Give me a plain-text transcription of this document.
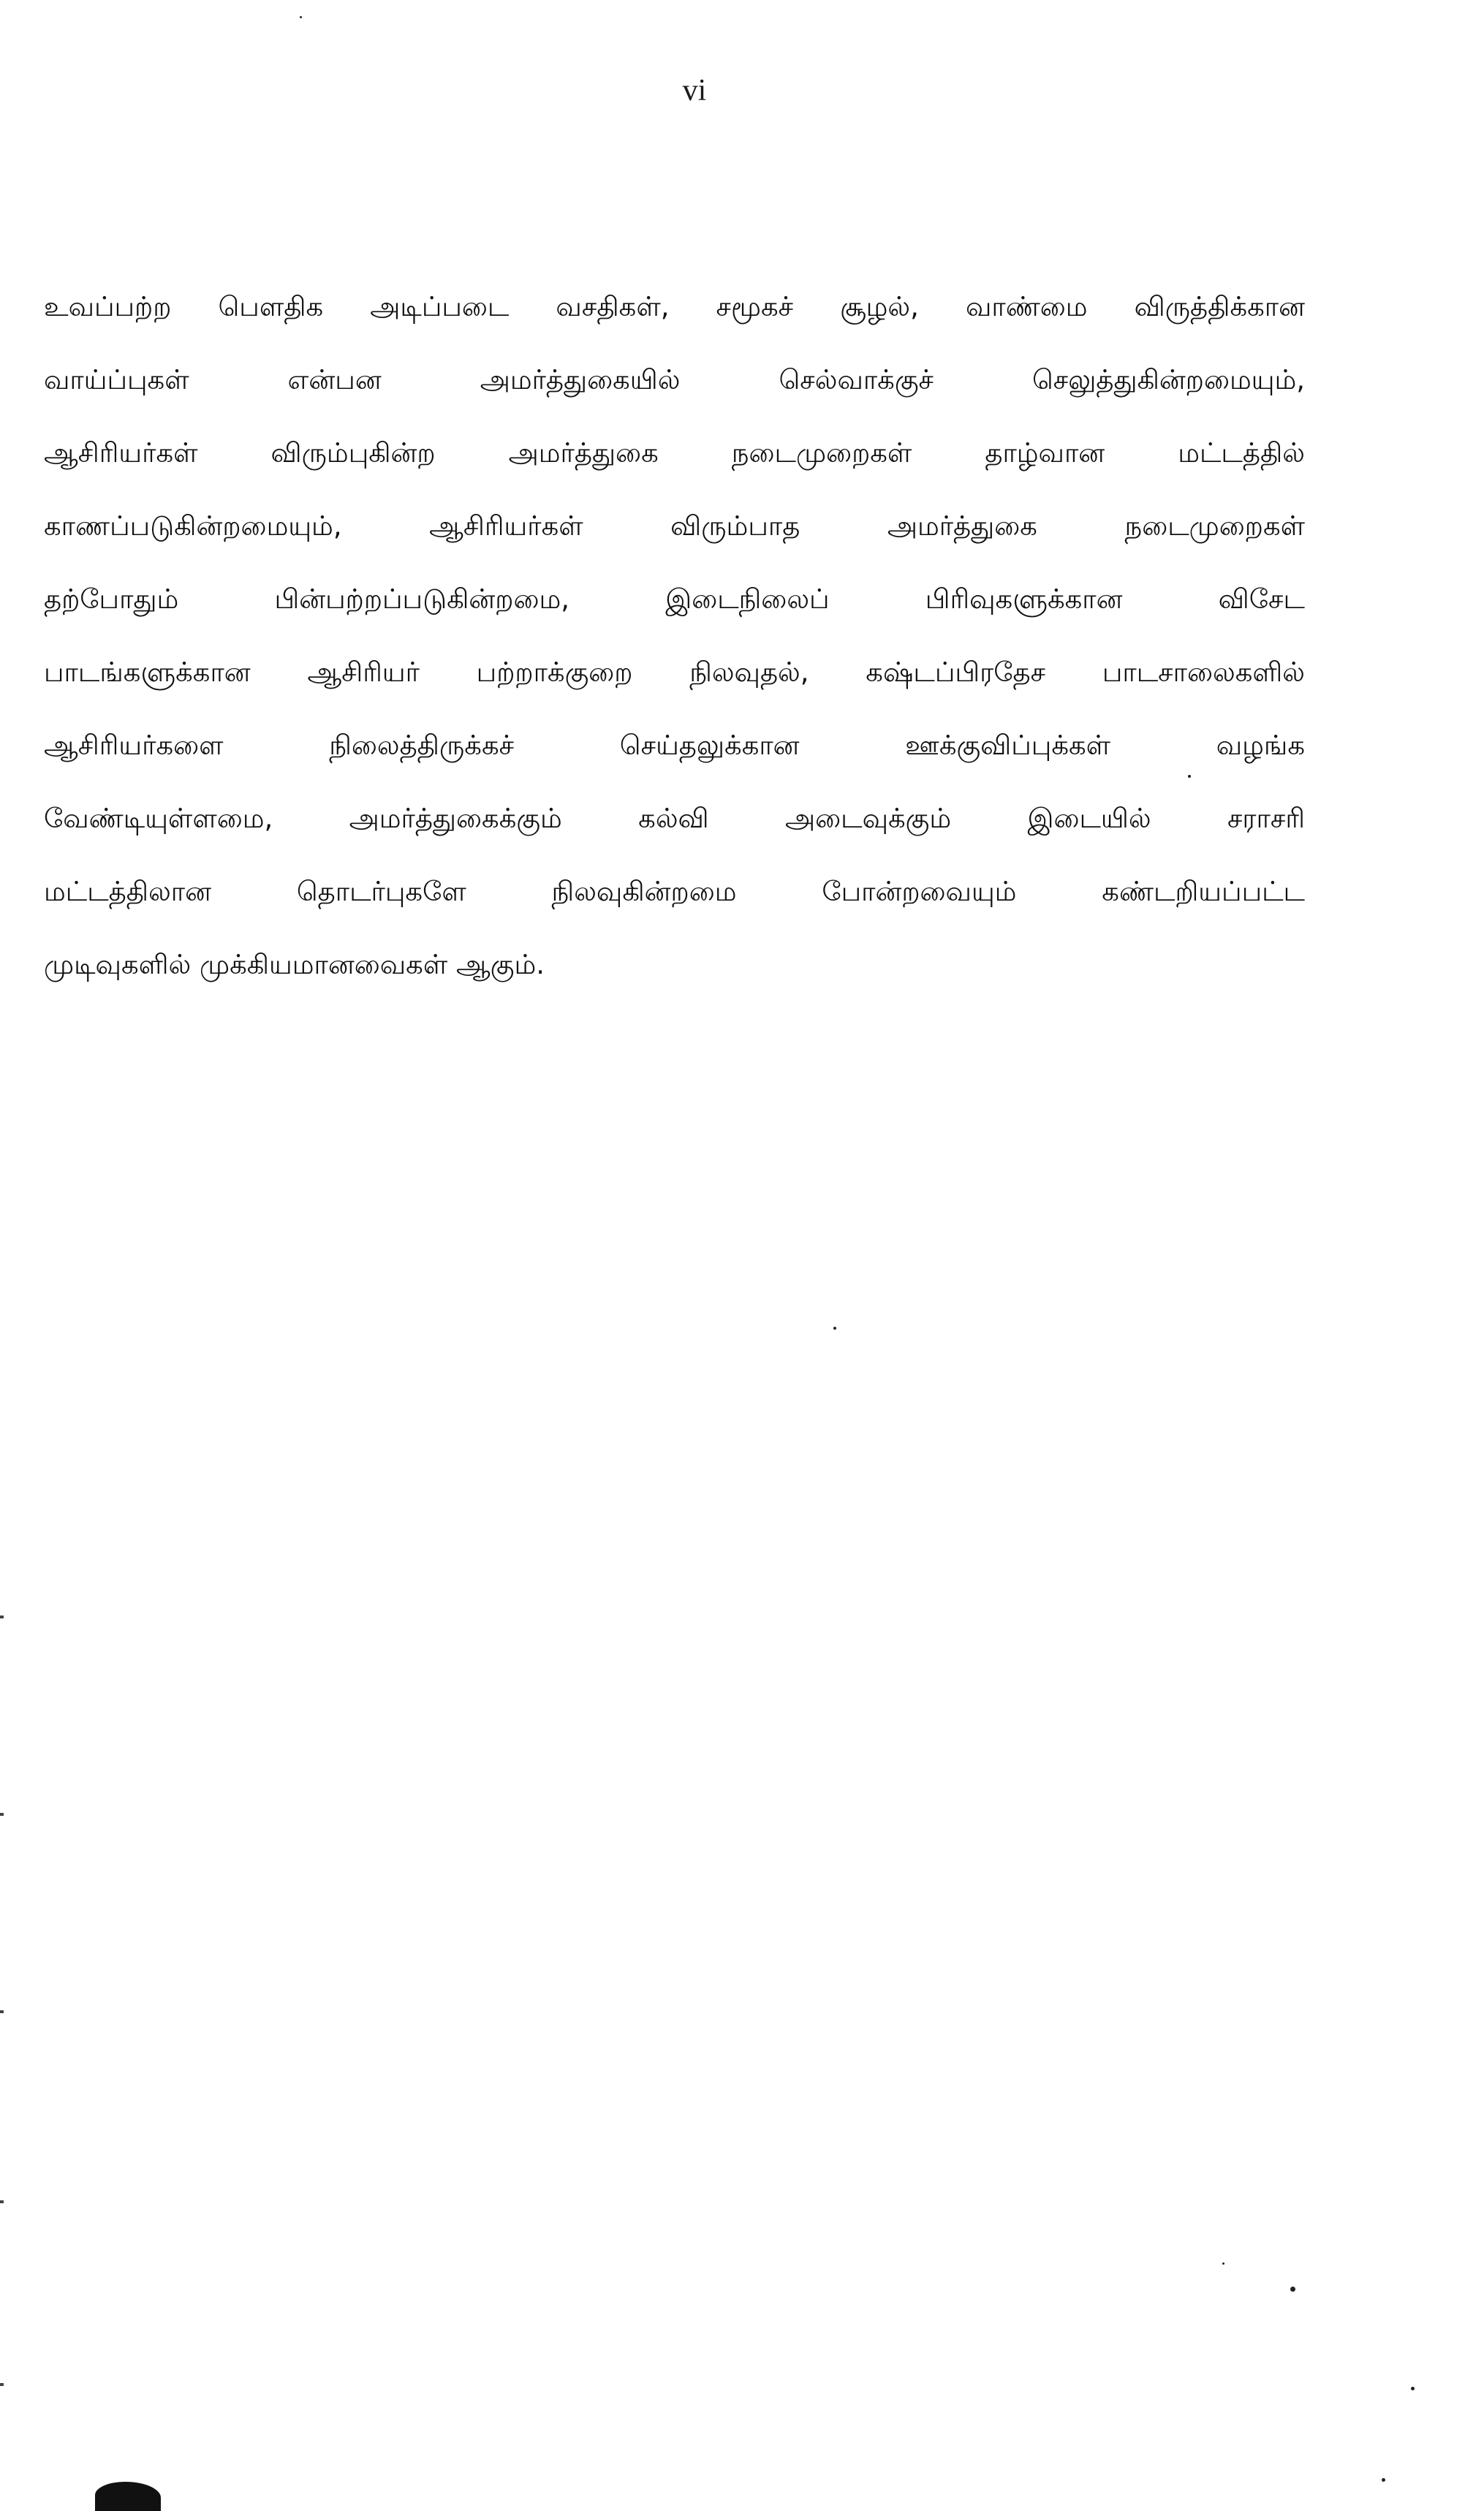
vi
உவப்பற்ற பௌதிக அடிப்படை வசதிகள், சமூகச் சூழல், வாண்மை விருத்திக்கான
வாய்ப்புகள் என்பன அமர்த்துகையில் செல்வாக்குச் செலுத்துகின்றமையும்,
ஆசிரியர்கள் விரும்புகின்ற அமர்த்துகை நடைமுறைகள் தாழ்வான மட்டத்தில்
காணப்படுகின்றமையும், ஆசிரியர்கள் விரும்பாத அமர்த்துகை நடைமுறைகள்
தற்போதும் பின்பற்றப்படுகின்றமை, இடைநிலைப் பிரிவுகளுக்கான விசேட
பாடங்களுக்கான ஆசிரியர் பற்றாக்குறை நிலவுதல், கஷ்டப்பிரதேச பாடசாலைகளில்
ஆசிரியர்களை நிலைத்திருக்கச் செய்தலுக்கான ஊக்குவிப்புக்கள் வழங்க
வேண்டியுள்ளமை, அமர்த்துகைக்கும் கல்வி அடைவுக்கும் இடையில் சராசரி
மட்டத்திலான தொடர்புகளே நிலவுகின்றமை போன்றவையும் கண்டறியப்பட்ட
முடிவுகளில் முக்கியமானவைகள் ஆகும்.
